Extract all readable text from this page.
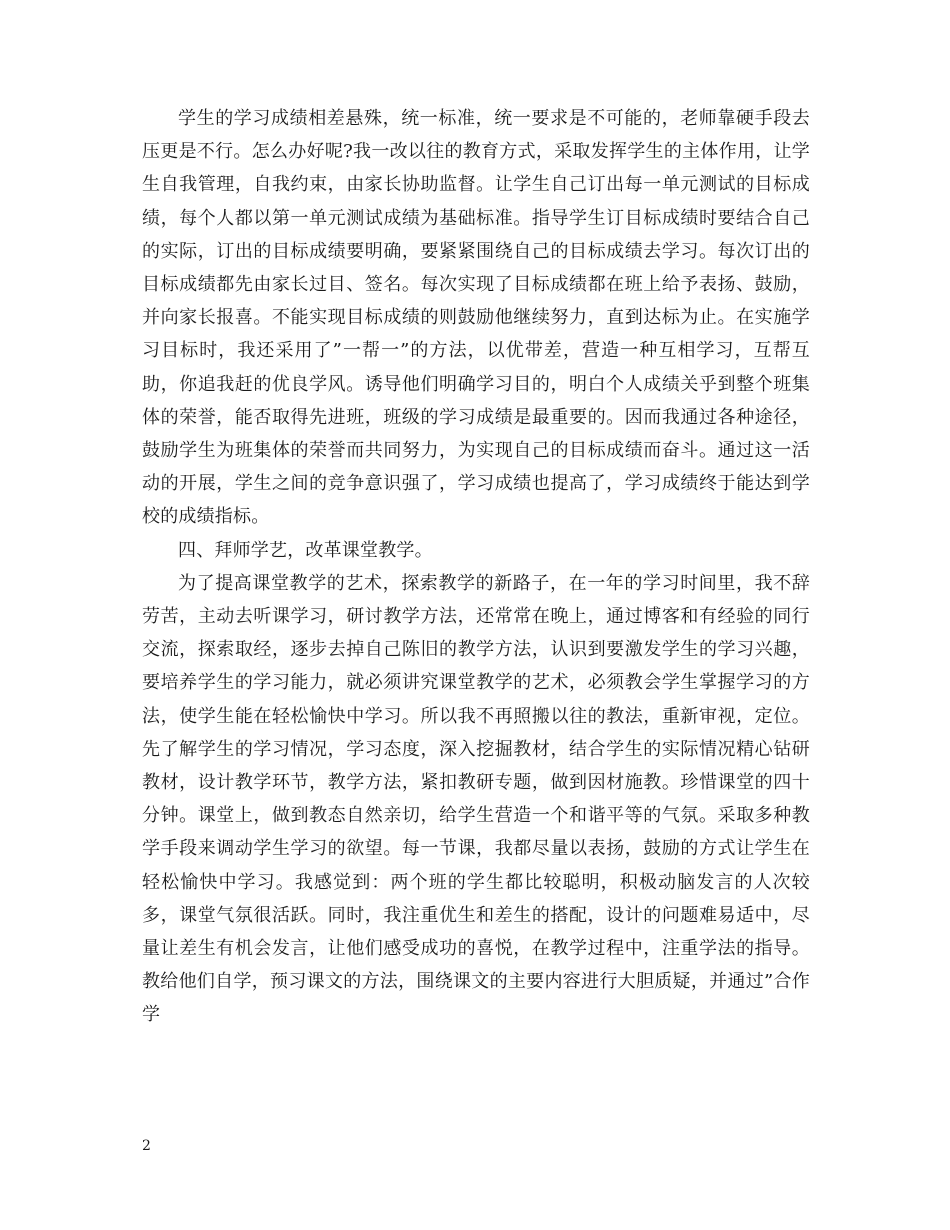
学生的学习成绩相差悬殊，统一标准，统一要求是不可能的，老师靠硬手段去压更是不行。怎么办好呢?我一改以往的教育方式，采取发挥学生的主体作用，让学生自我管理，自我约束，由家长协助监督。让学生自己订出每一单元测试的目标成绩，每个人都以第一单元测试成绩为基础标准。指导学生订目标成绩时要结合自己的实际，订出的目标成绩要明确，要紧紧围绕自己的目标成绩去学习。每次订出的目标成绩都先由家长过目、签名。每次实现了目标成绩都在班上给予表扬、鼓励，并向家长报喜。不能实现目标成绩的则鼓励他继续努力，直到达标为止。在实施学习目标时，我还采用了”一帮一”的方法，以优带差，营造一种互相学习，互帮互助，你追我赶的优良学风。诱导他们明确学习目的，明白个人成绩关乎到整个班集体的荣誉，能否取得先进班，班级的学习成绩是最重要的。因而我通过各种途径，鼓励学生为班集体的荣誉而共同努力，为实现自己的目标成绩而奋斗。通过这一活动的开展，学生之间的竞争意识强了，学习成绩也提高了，学习成绩终于能达到学校的成绩指标。

四、拜师学艺，改革课堂教学。

为了提高课堂教学的艺术，探索教学的新路子，在一年的学习时间里，我不辞劳苦，主动去听课学习，研讨教学方法，还常常在晚上，通过博客和有经验的同行交流，探索取经，逐步去掉自己陈旧的教学方法，认识到要激发学生的学习兴趣，要培养学生的学习能力，就必须讲究课堂教学的艺术，必须教会学生掌握学习的方法，使学生能在轻松愉快中学习。所以我不再照搬以往的教法，重新审视，定位。先了解学生的学习情况，学习态度，深入挖掘教材，结合学生的实际情况精心钻研教材，设计教学环节，教学方法，紧扣教研专题，做到因材施教。珍惜课堂的四十分钟。课堂上，做到教态自然亲切，给学生营造一个和谐平等的气氛。采取多种教学手段来调动学生学习的欲望。每一节课，我都尽量以表扬，鼓励的方式让学生在轻松愉快中学习。我感觉到：两个班的学生都比较聪明，积极动脑发言的人次较多，课堂气氛很活跃。同时，我注重优生和差生的搭配，设计的问题难易适中，尽量让差生有机会发言，让他们感受成功的喜悦，在教学过程中，注重学法的指导。教给他们自学，预习课文的方法，围绕课文的主要内容进行大胆质疑，并通过”合作学

2
